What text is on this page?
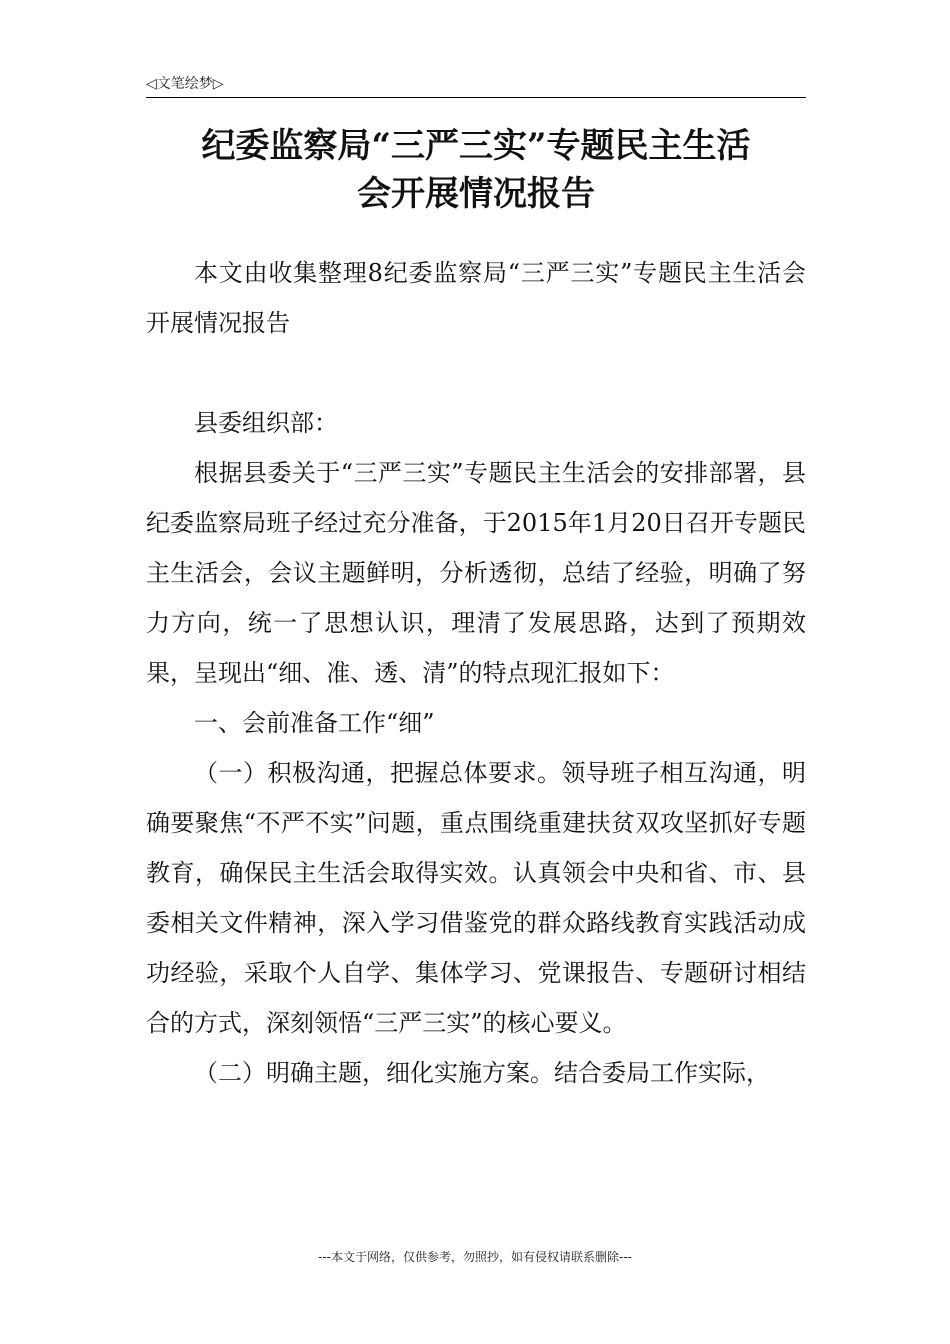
◁文笔绘梦▷
纪委监察局“三严三实”专题民主生活
会开展情况报告

本文由收集整理8纪委监察局“三严三实”专题民主生活会开展情况报告

县委组织部：

根据县委关于“三严三实”专题民主生活会的安排部署，县纪委监察局班子经过充分准备，于2015年1月20日召开专题民主生活会，会议主题鲜明，分析透彻，总结了经验，明确了努力方向，统一了思想认识，理清了发展思路，达到了预期效果，呈现出“细、准、透、清”的特点现汇报如下：

一、会前准备工作“细”

（一）积极沟通，把握总体要求。领导班子相互沟通，明确要聚焦“不严不实”问题，重点围绕重建扶贫双攻坚抓好专题教育，确保民主生活会取得实效。认真领会中央和省、市、县委相关文件精神，深入学习借鉴党的群众路线教育实践活动成功经验，采取个人自学、集体学习、党课报告、专题研讨相结合的方式，深刻领悟“三严三实”的核心要义。

（二）明确主题，细化实施方案。结合委局工作实际，

---本文于网络，仅供参考，勿照抄，如有侵权请联系删除---
